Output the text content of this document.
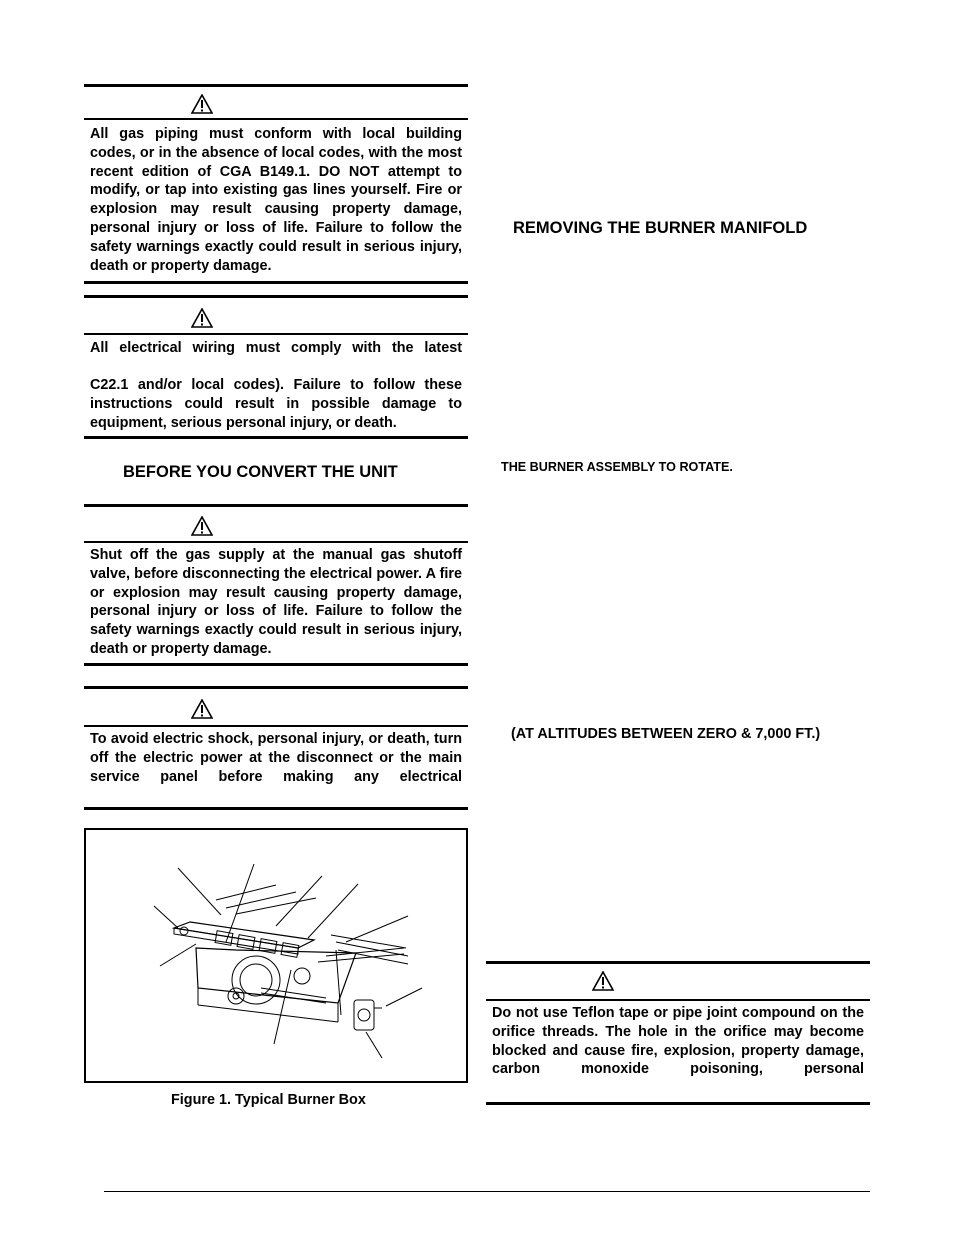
All gas piping must conform with local building codes, or in the absence of local codes, with the most recent edition of CGA B149.1. DO NOT attempt to modify, or tap into existing gas lines yourself. Fire or explosion may result causing property damage, personal injury or loss of life. Failure to follow the safety warnings exactly could result in serious injury, death or property damage.
All electrical wiring must comply with the latest
C22.1 and/or local codes). Failure to follow these instructions could result in possible damage to equipment, serious personal injury, or death.
BEFORE YOU CONVERT THE UNIT
Shut off the gas supply at the manual gas shutoff valve, before disconnecting the electrical power. A fire or explosion may result causing property damage, personal injury or loss of life. Failure to follow the safety warnings exactly could result in serious injury, death or property damage.
To avoid electric shock, personal injury, or death, turn off the electric power at the disconnect or the main service panel before making any electrical
Figure 1. Typical Burner Box
REMOVING THE BURNER MANIFOLD
THE BURNER ASSEMBLY TO ROTATE.
(AT ALTITUDES BETWEEN ZERO & 7,000 FT.)
Do not use Teflon tape or pipe joint compound on the orifice threads. The hole in the orifice may become blocked and cause fire, explosion, property damage, carbon monoxide poisoning, personal
